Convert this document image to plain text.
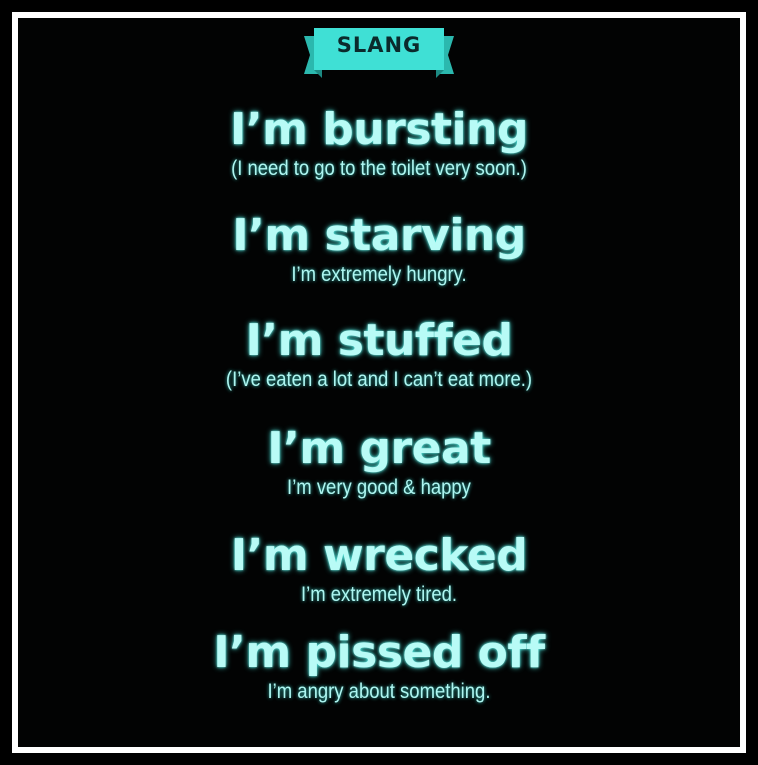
SLANG
I’m bursting
(I need to go to the toilet very soon.)
I’m starving
I’m extremely hungry.
I’m stuffed
(I’ve eaten a lot and I can’t eat more.)
I’m great
I’m very good & happy
I’m wrecked
I’m extremely tired.
I’m pissed off
I’m angry about something.
